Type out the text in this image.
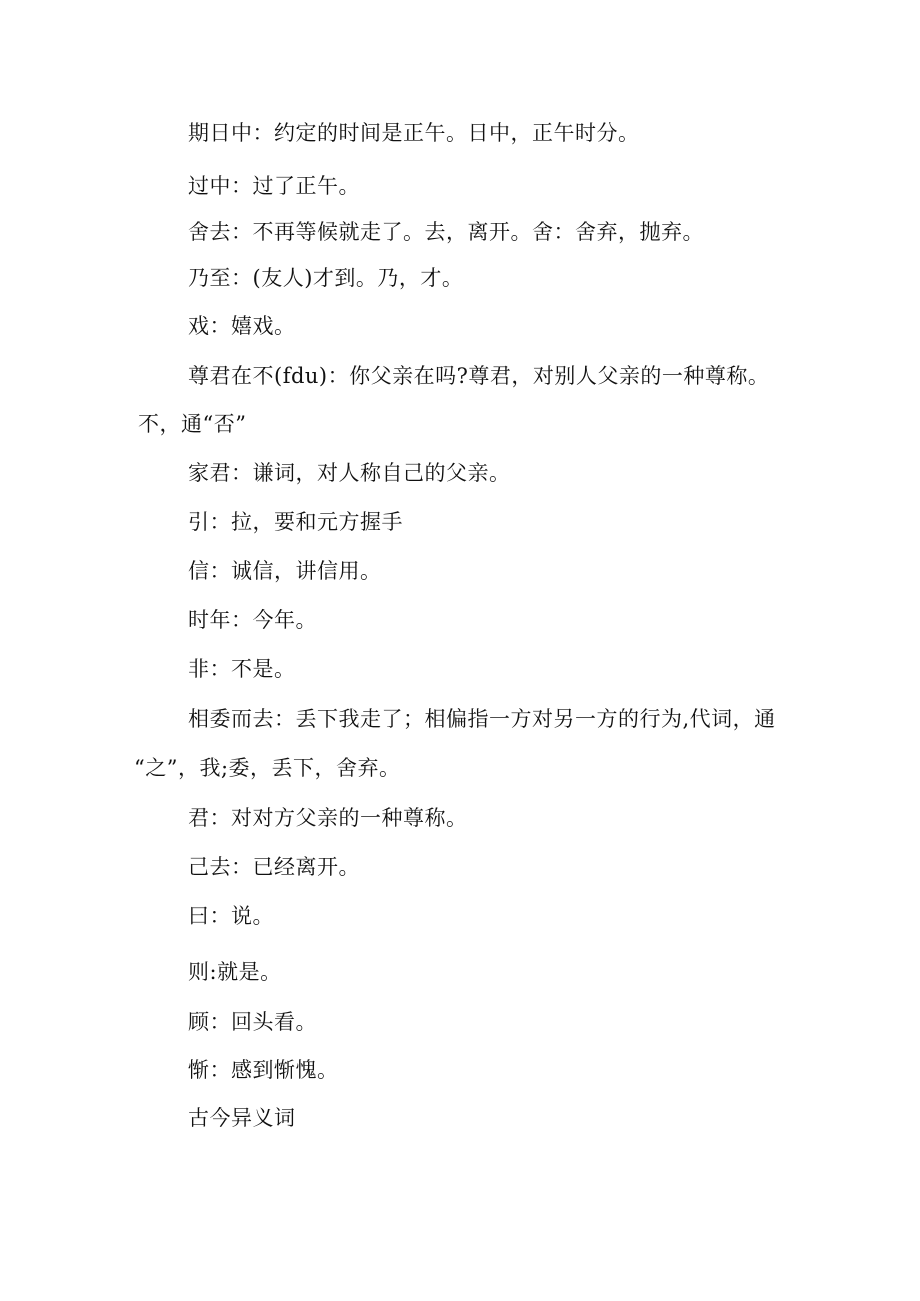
期日中：约定的时间是正午。日中，正午时分。
过中：过了正午。
舍去：不再等候就走了。去，离开。舍：舍弃，抛弃。
乃至：(友人)才到。乃，才。
戏：嬉戏。
尊君在不(fdu)：你父亲在吗?尊君，对别人父亲的一种尊称。
不，通“否”
家君：谦词，对人称自己的父亲。
引：拉，要和元方握手
信：诚信，讲信用。
时年：今年。
非：不是。
相委而去：丢下我走了；相偏指一方对另一方的行为,代词，通
“之”，我;委，丢下，舍弃。
君：对对方父亲的一种尊称。
己去：已经离开。
曰：说。
则:就是。
顾：回头看。
惭：感到惭愧。
古今异义词
